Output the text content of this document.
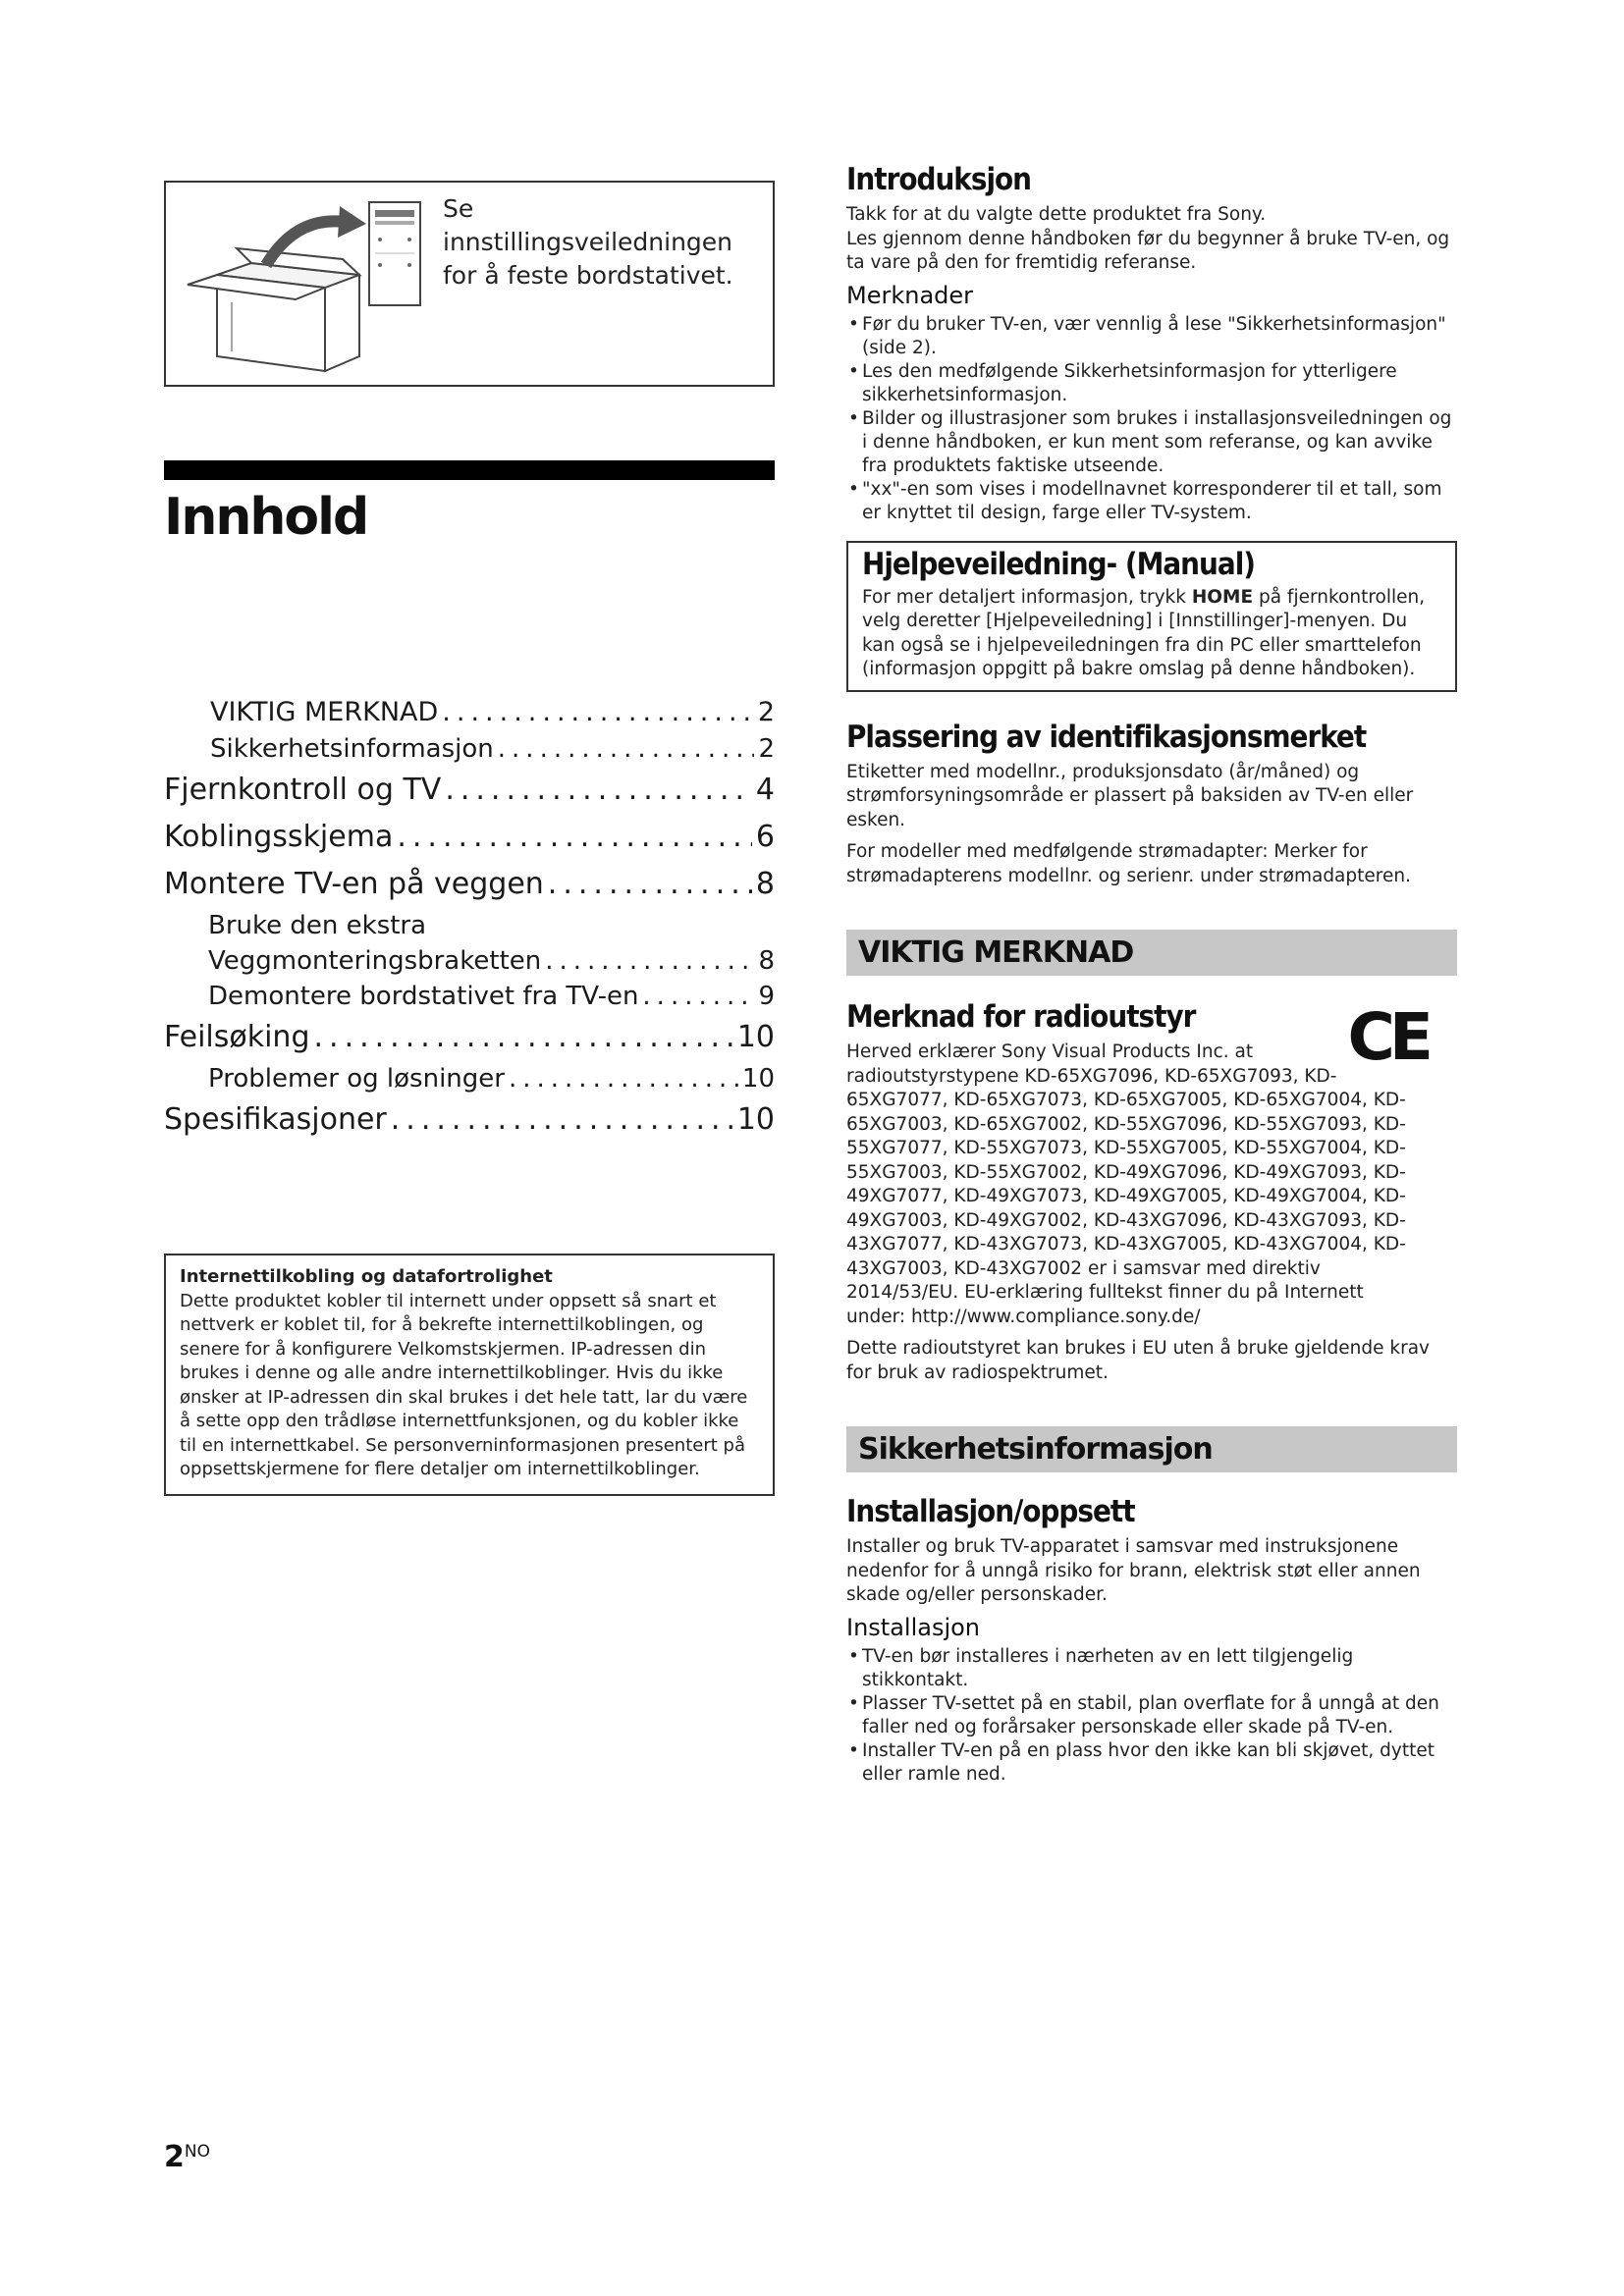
Se innstillingsveiledningen for å feste bordstativet.
Innhold
VIKTIG MERKNAD .....	2
Sikkerhetsinformasjon .....	2
Fjernkontroll og TV .....	4
Koblingsskjema .....	6
Montere TV-en på veggen .....	8
Bruke den ekstra
Veggmonteringsbraketten .....	8
Demontere bordstativet fra TV-en .....	9
Feilsøking .....	10
Problemer og løsninger .....	10
Spesifikasjoner .....	10
Internettilkobling og datafortrolighet
Dette produktet kobler til internett under oppsett så snart et nettverk er koblet til, for å bekrefte internettilkoblingen, og senere for å konfigurere Velkomstskjermen. IP-adressen din brukes i denne og alle andre internettilkoblinger. Hvis du ikke ønsker at IP-adressen din skal brukes i det hele tatt, lar du være å sette opp den trådløse internettfunksjonen, og du kobler ikke til en internettkabel. Se personverninformasjonen presentert på oppsettskjermene for flere detaljer om internettilkoblinger.
Introduksjon

Takk for at du valgte dette produktet fra Sony.

Les gjennom denne håndboken før du begynner å bruke TV-en, og ta vare på den for fremtidig referanse.

Merknader
• Før du bruker TV-en, vær vennlig å lese "Sikkerhetsinformasjon" (side 2).
• Les den medfølgende Sikkerhetsinformasjon for ytterligere sikkerhetsinformasjon.
• Bilder og illustrasjoner som brukes i installasjonsveiledningen og i denne håndboken, er kun ment som referanse, og kan avvike fra produktets faktiske utseende.
• "xx"-en som vises i modellnavnet korresponderer til et tall, som er knyttet til design, farge eller TV-system.
Hjelpeveiledning- (Manual)

For mer detaljert informasjon, trykk HOME på fjernkontrollen, velg deretter [Hjelpeveiledning] i [Innstillinger]-menyen. Du kan også se i hjelpeveiledningen fra din PC eller smarttelefon (informasjon oppgitt på bakre omslag på denne håndboken).

Plassering av identifikasjonsmerket

Etiketter med modellnr., produksjonsdato (år/måned) og strømforsyningsområde er plassert på baksiden av TV-en eller esken.

For modeller med medfølgende strømadapter: Merker for strømadapterens modellnr. og serienr. under strømadapteren.

VIKTIG MERKNAD
CE
Merknad for radioutstyr

Herved erklærer Sony Visual Products Inc. at radioutstyrstypene KD-65XG7096, KD-65XG7093, KD-65XG7077, KD-65XG7073, KD-65XG7005, KD-65XG7004, KD-65XG7003, KD-65XG7002, KD-55XG7096, KD-55XG7093, KD-55XG7077, KD-55XG7073, KD-55XG7005, KD-55XG7004, KD-55XG7003, KD-55XG7002, KD-49XG7096, KD-49XG7093, KD-49XG7077, KD-49XG7073, KD-49XG7005, KD-49XG7004, KD-49XG7003, KD-49XG7002, KD-43XG7096, KD-43XG7093, KD-43XG7077, KD-43XG7073, KD-43XG7005, KD-43XG7004, KD-43XG7003, KD-43XG7002 er i samsvar med direktiv 2014/53/EU. EU-erklæring fulltekst finner du på Internett under: http://www.compliance.sony.de/

Dette radioutstyret kan brukes i EU uten å bruke gjeldende krav for bruk av radiospektrumet.

Sikkerhetsinformasjon
Installasjon/oppsett

Installer og bruk TV-apparatet i samsvar med instruksjonene nedenfor for å unngå risiko for brann, elektrisk støt eller annen skade og/eller personskader.

Installasjon
• TV-en bør installeres i nærheten av en lett tilgjengelig stikkontakt.
• Plasser TV-settet på en stabil, plan overflate for å unngå at den faller ned og forårsaker personskade eller skade på TV-en.
• Installer TV-en på en plass hvor den ikke kan bli skjøvet, dyttet eller ramle ned.
$2^{NO}$
